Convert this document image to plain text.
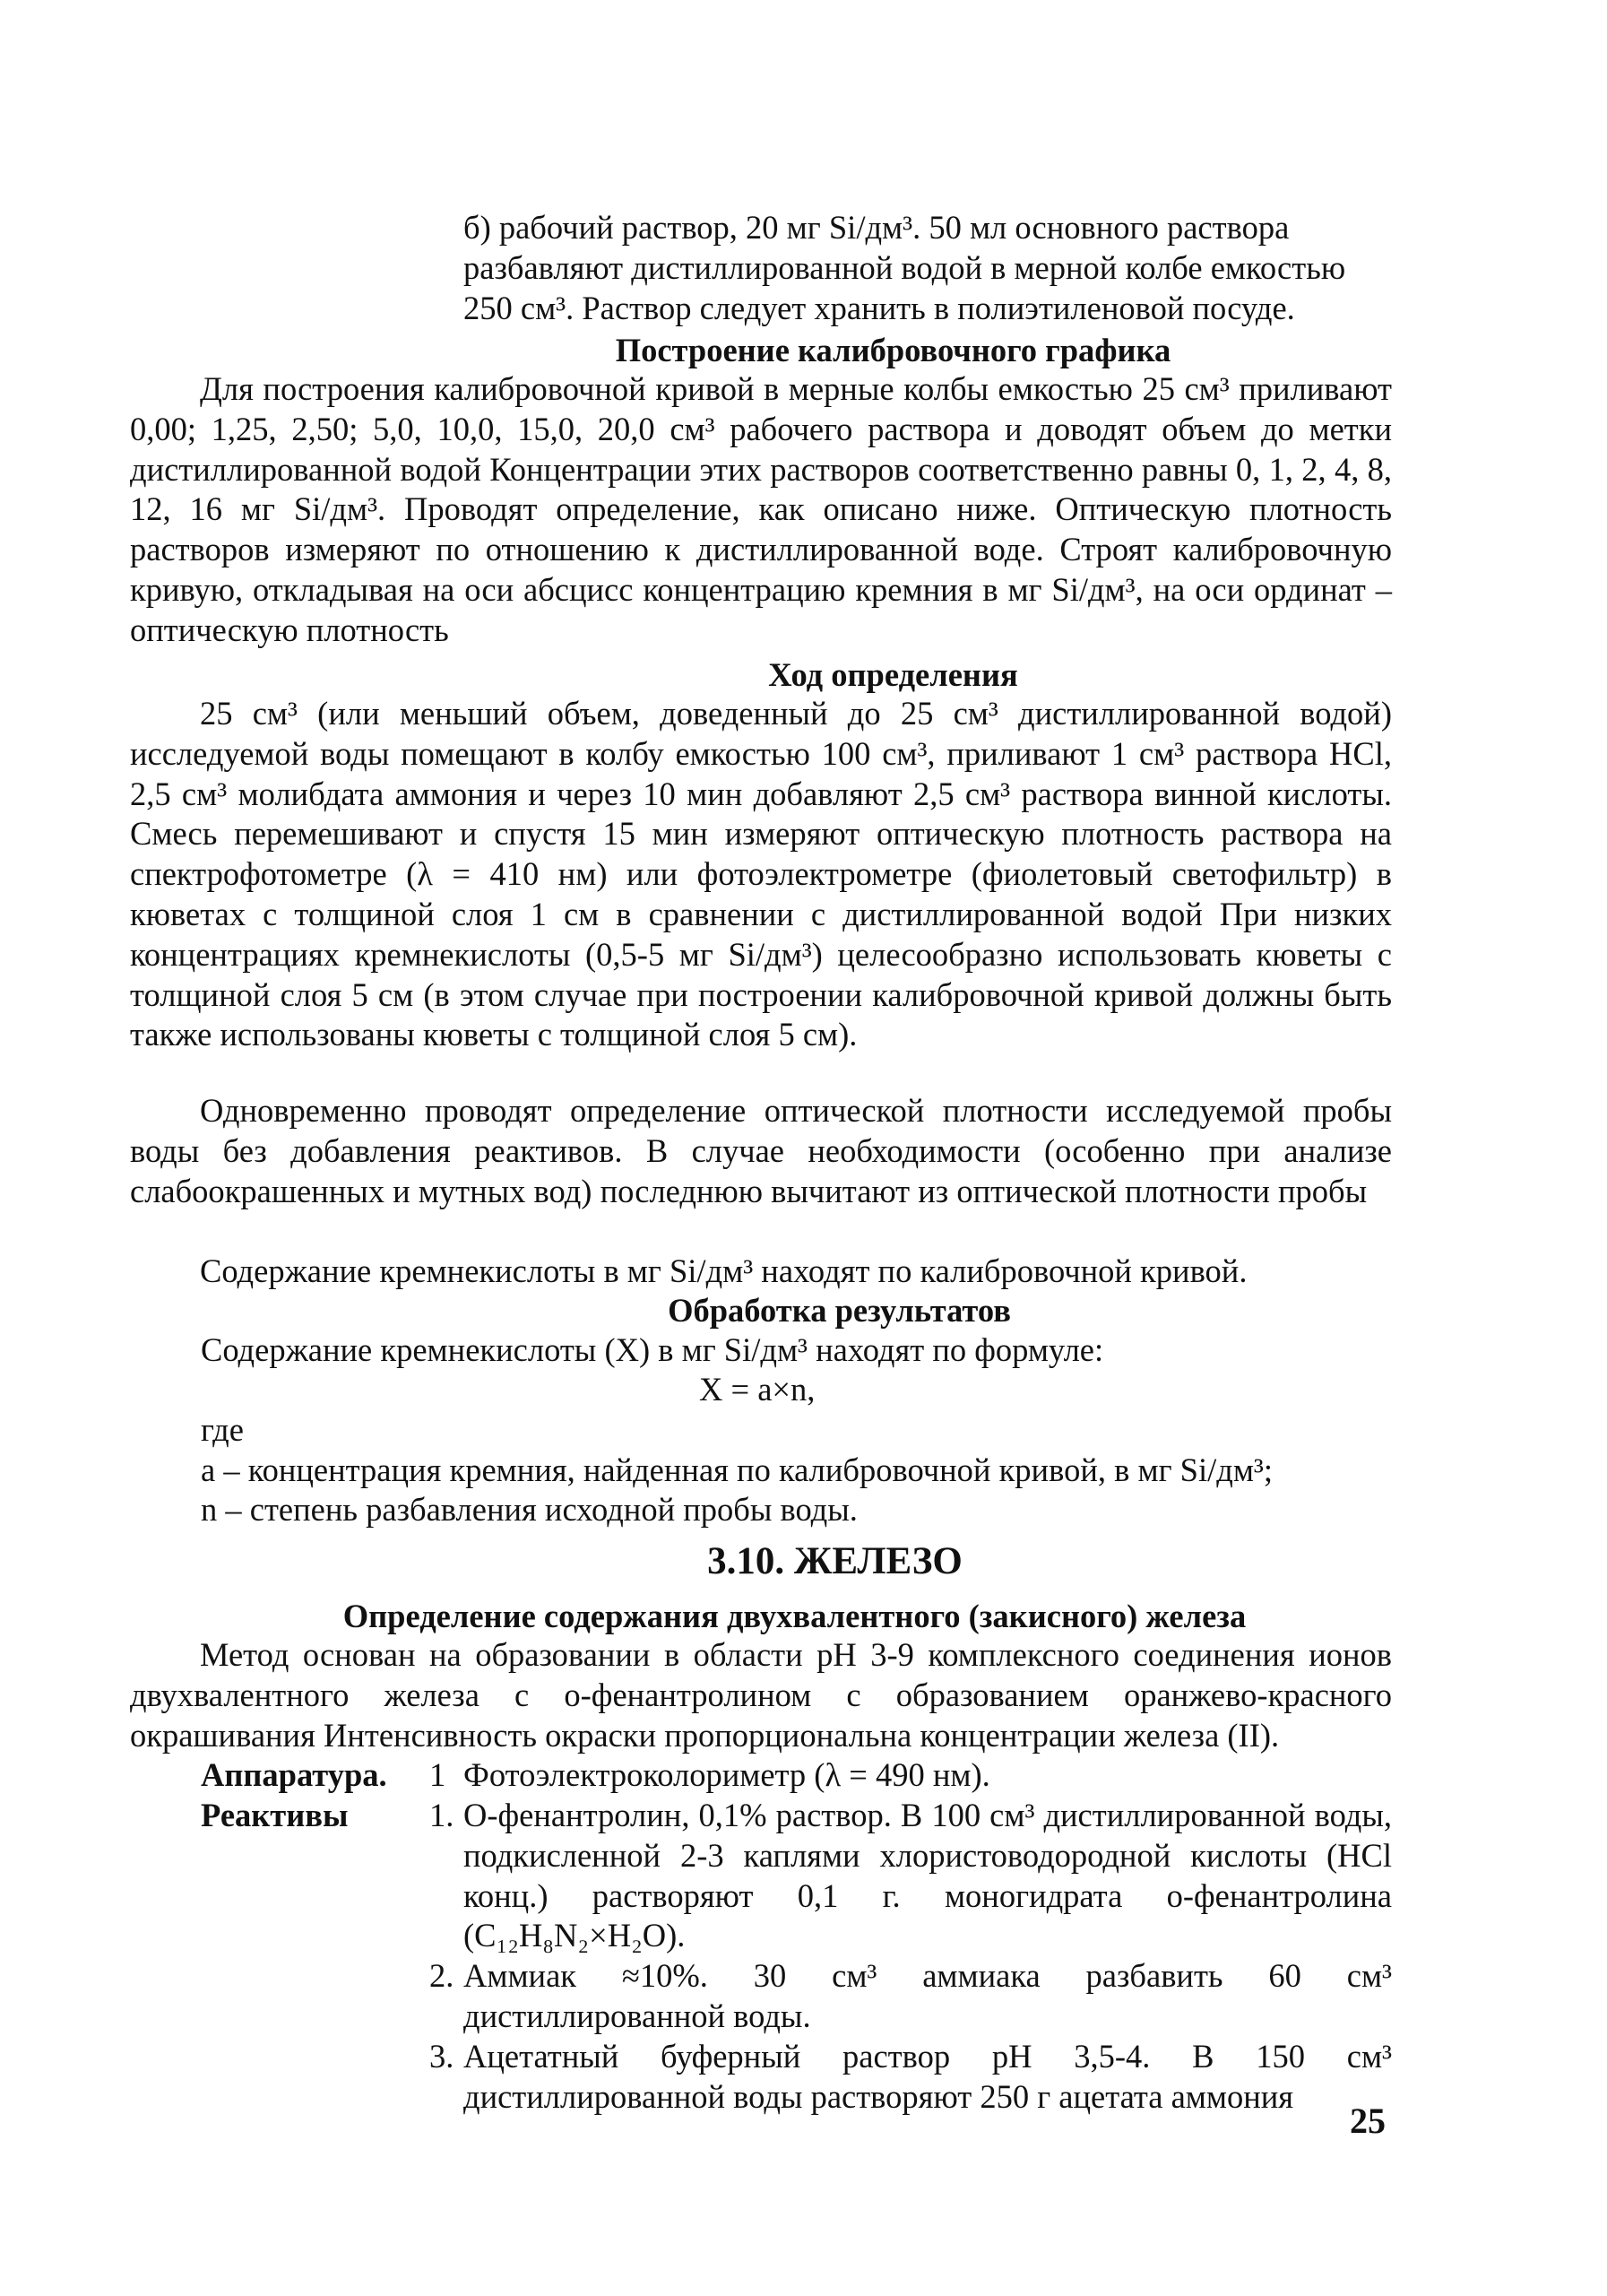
б) рабочий раствор, 20 мг Si/дм³. 50 мл основного раствора
разбавляют дистиллированной водой в мерной колбе емкостью
250 см³. Раствор следует хранить в полиэтиленовой посуде.
Построение калибровочного графика
Для построения калибровочной кривой в мерные колбы емкостью 25 см³ приливают 0,00; 1,25, 2,50; 5,0, 10,0, 15,0, 20,0 см³ рабочего раствора и доводят объем до метки дистиллированной водой Концентрации этих растворов соответственно равны 0, 1, 2, 4, 8, 12, 16 мг Si/дм³. Проводят определение, как описано ниже. Оптическую плотность растворов измеряют по отношению к дистиллированной воде. Строят калибровочную кривую, откладывая на оси абсцисс концентрацию кремния в мг Si/дм³, на оси ординат – оптическую плотность
Ход определения
25 см³ (или меньший объем, доведенный до 25 см³ дистиллированной водой) исследуемой воды помещают в колбу емкостью 100 см³, приливают 1 см³ раствора HCl, 2,5 см³ молибдата аммония и через 10 мин добавляют 2,5 см³ раствора винной кислоты. Смесь перемешивают и спустя 15 мин измеряют оптическую плотность раствора на спектрофотометре (λ = 410 нм) или фотоэлектрометре (фиолетовый светофильтр) в кюветах с толщиной слоя 1 см в сравнении с дистиллированной водой При низких концентрациях кремнекислоты (0,5-5 мг Si/дм³) целесообразно использовать кюветы с толщиной слоя 5 см (в этом случае при построении калибровочной кривой должны быть также использованы кюветы с толщиной слоя 5 см).
Одновременно проводят определение оптической плотности исследуемой пробы воды без добавления реактивов. В случае необходимости (особенно при анализе слабоокрашенных и мутных вод) последнюю вычитают из оптической плотности пробы
Содержание кремнекислоты в мг Si/дм³ находят по калибровочной кривой.
Обработка результатов
Содержание кремнекислоты (X) в мг Si/дм³ находят по формуле:
X = a×n,
где
a – концентрация кремния, найденная по калибровочной кривой, в мг Si/дм³;
n – степень разбавления исходной пробы воды.
3.10. ЖЕЛЕЗО
Определение содержания двухвалентного (закисного) железа
Метод основан на образовании в области рН 3-9 комплексного соединения ионов двухвалентного железа с о-фенантролином с образованием оранжево-красного окрашивания Интенсивность окраски пропорциональна концентрации железа (II).
Аппаратура. 1 Фотоэлектроколориметр (λ = 490 нм).
Реактивы 1. О-фенантролин, 0,1% раствор. В 100 см³ дистиллированной воды, подкисленной 2-3 каплями хлористоводородной кислоты (HCl конц.) растворяют 0,1 г. моногидрата о-фенантролина (C₁₂H₈N₂×H₂O).
2. Аммиак ≈10%. 30 см³ аммиака разбавить 60 см³ дистиллированной воды.
3. Ацетатный буферный раствор рН 3,5-4. В 150 см³ дистиллированной воды растворяют 250 г ацетата аммония
25
